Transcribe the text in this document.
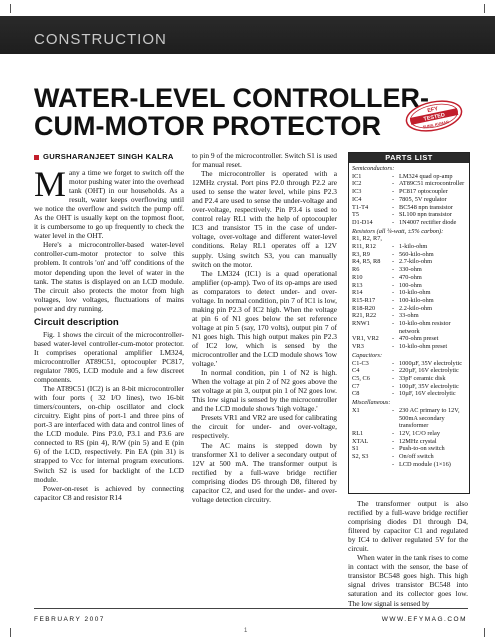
CONSTRUCTION
WATER-LEVEL CONTROLLER-
CUM-MOTOR PROTECTOR
EFY
TESTED
SUNIL KUMAR
GURSHARANJEET SINGH KALRA

Many a time we forget to switch off the motor pushing water into the overhead tank (OHT) in our households. As a result, water keeps overflowing until we notice the overflow and switch the pump off. As the OHT is usually kept on the topmost floor, it is cumbersome to go up frequently to check the water level in the OHT.

Here's a microcontroller-based water-level controller-cum-motor protector to solve this problem. It controls 'on' and 'off' conditions of the motor depending upon the level of water in the tank. The status is displayed on an LCD module. The circuit also protects the motor from high voltages, low voltages, fluctuations of mains power and dry running.

Circuit description

Fig. 1 shows the circuit of the microcontroller-based water-level controller-cum-motor protector. It comprises operational amplifier LM324, microcontroller AT89C51, optocoupler PC817, regulator 7805, LCD module and a few discreet components.

The AT89C51 (IC2) is an 8-bit microcontroller with four ports ( 32 I/O lines), two 16-bit timers/counters, on-chip oscillator and clock circuitry. Eight pins of port-1 and three pins of port-3 are interfaced with data and control lines of the LCD module. Pins P3.0, P3.1 and P3.6 are connected to RS (pin 4), R/W (pin 5) and E (pin 6) of the LCD, respectively. Pin EA (pin 31) is strapped to Vcc for internal program executions. Switch S2 is used for backlight of the LCD module.

Power-on-reset is achieved by connecting capacitor C8 and resistor R14

to pin 9 of the microcontroller. Switch S1 is used for manual reset.

The microcontroller is operated with a 12MHz crystal. Port pins P2.0 through P2.2 are used to sense the water level, while pins P2.3 and P2.4 are used to sense the under-voltage and over-voltage, respectively. Pin P3.4 is used to control relay RL1 with the help of optocoupler IC3 and transistor T5 in the case of under-voltage, over-voltage and different water-level conditions. Relay RL1 operates off a 12V supply. Using switch S3, you can manually switch on the motor.

The LM324 (IC1) is a quad operational amplifier (op-amp). Two of its op-amps are used as comparators to detect under- and over-voltage. In normal condition, pin 7 of IC1 is low, making pin P2.3 of IC2 high. When the voltage at pin 6 of N1 goes below the set reference voltage at pin 5 (say, 170 volts), output pin 7 of N1 goes high. This high output makes pin P2.3 of IC2 low, which is sensed by the microcontroller and the LCD module shows 'low voltage.'

In normal condition, pin 1 of N2 is high. When the voltage at pin 2 of N2 goes above the set voltage at pin 3, output pin 1 of N2 goes low. This low signal is sensed by the microcontroller and the LCD module shows 'high voltage.'

Presets VR1 and VR2 are used for calibrating the circuit for under- and over-voltage, respectively.

The AC mains is stepped down by transformer X1 to deliver a secondary output of 12V at 500 mA. The transformer output is rectified by a full-wave bridge rectifier comprising diodes D5 through D8, filtered by capacitor C2, and used for the under- and over-voltage detection circuitry.

PARTS LIST
Semiconductors:
IC1	- LM324 quad op-amp
IC2	- AT89C51 microcontroller
IC3	- PC817 optocoupler
IC4	- 7805, 5V regulator
T1-T4	- BC548 npn transistor
T5	- SL100 npn transistor
D1-D14	- 1N4007 rectifier diode
Resistors (all ¼-watt, ±5% carbon):
R1, R2, R7,
R11, R12	- 1-kilo-ohm
R3, R9	- 560-kilo-ohm
R4, R5, R8	- 2.7-kilo-ohm
R6	- 330-ohm
R10	- 470-ohm
R13	- 100-ohm
R14	- 10-kilo-ohm
R15-R17	- 100-kilo-ohm
R18-R20	- 2.2-kilo-ohm
R21, R22	- 33-ohm
RNW1	- 10-kilo-ohm resistor network
VR1, VR2	- 470-ohm preset
VR3	- 10-kilo-ohm preset
Capacitors:
C1-C3	- 1000µF, 35V electrolytic
C4	- 220µF, 16V electrolytic
C5, C6	- 33pF ceramic disk
C7	- 100µF, 35V electrolytic
C8	- 10µF, 16V electrolytic
Miscellaneous:
X1	- 230 AC primary to 12V, 500mA secondary transformer
RL1	- 12V, 1C/O relay
XTAL	- 12MHz crystal
S1	- Push-to-on switch
S2, S3	- On/off switch
- LCD module (1×16)

The transformer output is also rectified by a full-wave bridge rectifier comprising diodes D1 through D4, filtered by capacitor C1 and regulated by IC4 to deliver regulated 5V for the circuit.

When water in the tank rises to come in contact with the sensor, the base of transistor BC548 goes high. This high signal drives transistor BC548 into saturation and its collector goes low. The low signal is sensed by

FEBRUARY 2007	WWW.EFYMAG.COM
1
